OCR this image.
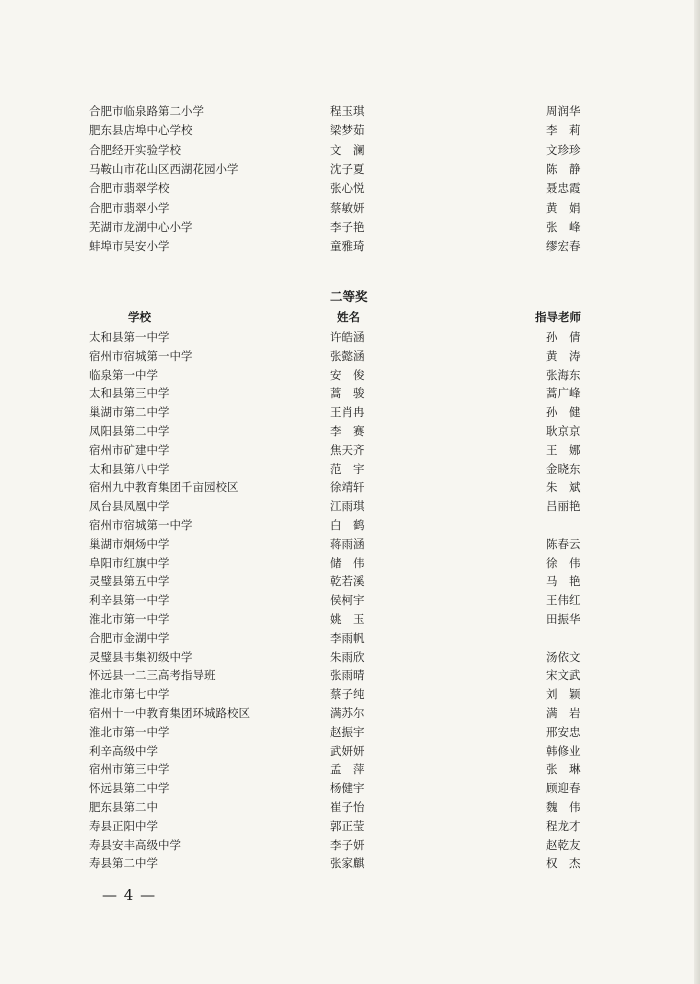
合肥市临泉路第二小学	程玉琪	周润华
肥东县店埠中心学校	梁梦茹	李　莉
合肥经开实验学校	文　澜	文珍珍
马鞍山市花山区西湖花园小学	沈子夏	陈　静
合肥市翡翠学校	张心悦	聂忠霞
合肥市翡翠小学	蔡敏妍	黄　娟
芜湖市龙湖中心小学	李子艳	张　峰
蚌埠市吴安小学	童雅琦	缪宏春
二等奖
学校	姓名	指导老师
太和县第一中学	许皓涵	孙　倩
宿州市宿城第一中学	张懿涵	黄　涛
临泉第一中学	安　俊	张海东
太和县第三中学	蒿　骏	蒿广峰
巢湖市第二中学	王肖冉	孙　健
凤阳县第二中学	李　赛	耿京京
宿州市矿建中学	焦天齐	王　娜
太和县第八中学	范　宇	金晓东
宿州九中教育集团千亩园校区	徐靖轩	朱　斌
凤台县凤凰中学	江雨琪	吕丽艳
宿州市宿城第一中学	白　鹤
巢湖市炯炀中学	蒋雨涵	陈春云
阜阳市红旗中学	储　伟	徐　伟
灵璧县第五中学	乾若溪	马　艳
利辛县第一中学	侯柯宇	王伟红
淮北市第一中学	姚　玉	田振华
合肥市金湖中学	李雨帆
灵璧县韦集初级中学	朱雨欣	汤依文
怀远县一二三高考指导班	张雨晴	宋文武
淮北市第七中学	蔡子纯	刘　颖
宿州十一中教育集团环城路校区	满苏尔	满　岩
淮北市第一中学	赵振宇	邢安忠
利辛高级中学	武妍妍	韩修业
宿州市第三中学	孟　萍	张　琳
怀远县第二中学	杨健宇	顾迎春
肥东县第二中	崔子怡	魏　伟
寿县正阳中学	郭正莹	程龙才
寿县安丰高级中学	李子妍	赵乾友
寿县第二中学	张家麒	权　杰
— 4 —
